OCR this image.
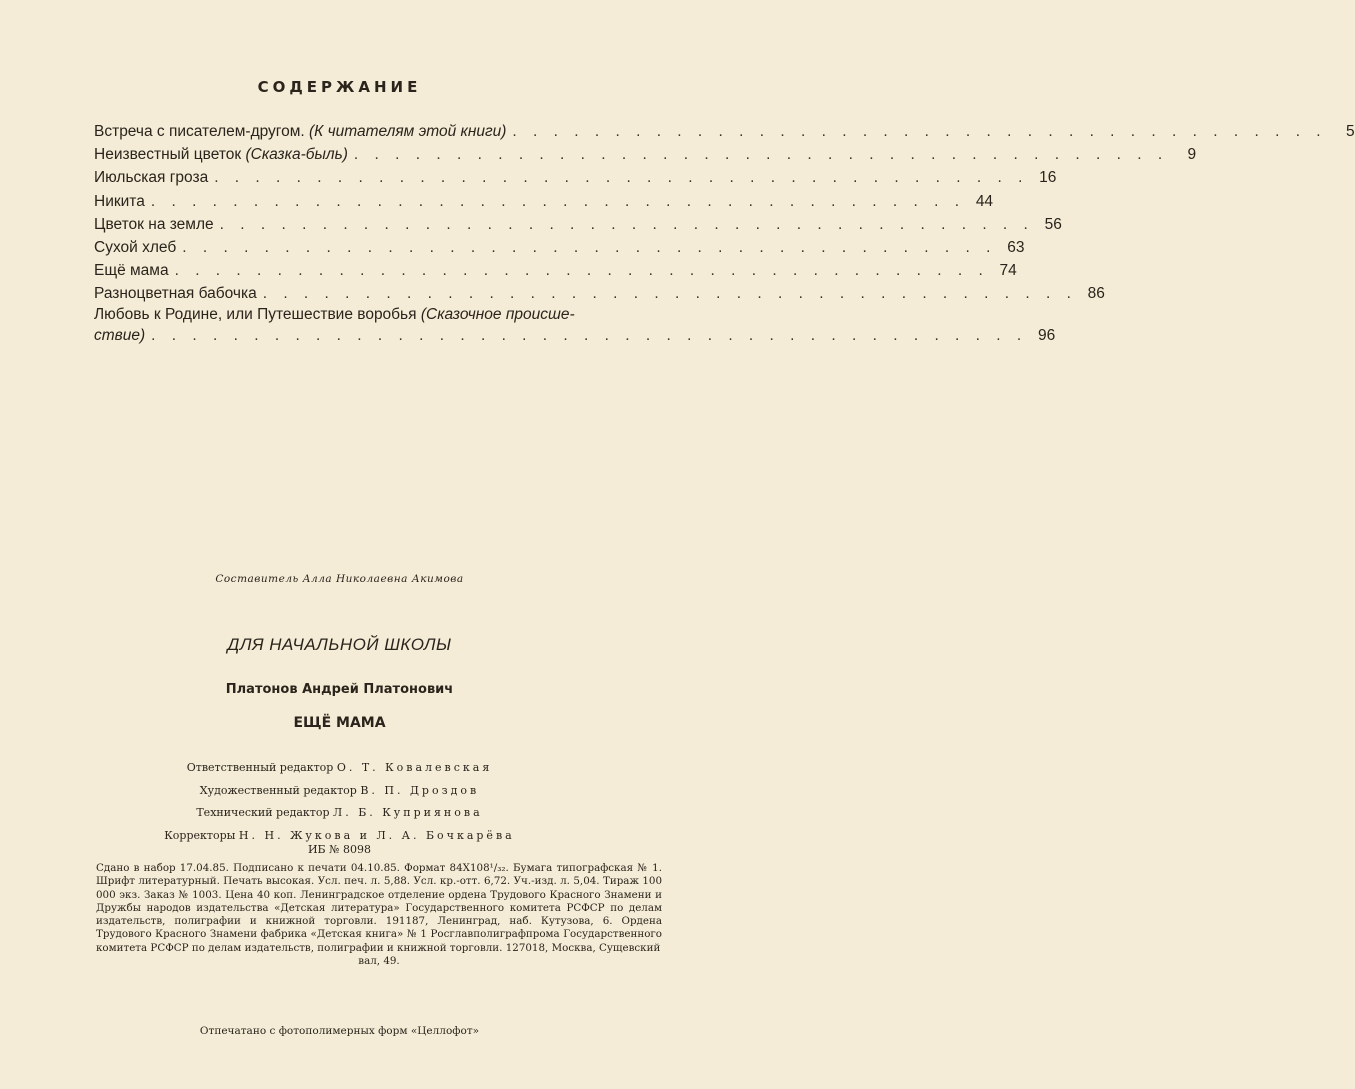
СОДЕРЖАНИЕ
Встреча с писателем-другом.
(К читателям этой книги) . . . . . . . . . . . . . . . . . . . . . . . . . . . . . . . . . . . . . . . .	5
Неизвестный цветок
(Сказка-быль) . . . . . . . . . . . . . . . . . . . . . . . . . . . . . . . . . . . . . . . .	9
Июльская гроза . . . . . . . . . . . . . . . . . . . . . . . . . . . . . . . . . . . . . . . . 16
Никита . . . . . . . . . . . . . . . . . . . . . . . . . . . . . . . . . . . . . . . . 44
Цветок на земле . . . . . . . . . . . . . . . . . . . . . . . . . . . . . . . . . . . . . . . . 56
Сухой хлеб . . . . . . . . . . . . . . . . . . . . . . . . . . . . . . . . . . . . . . . . 63
Ещё мама . . . . . . . . . . . . . . . . . . . . . . . . . . . . . . . . . . . . . . . . 74
Разноцветная бабочка . . . . . . . . . . . . . . . . . . . . . . . . . . . . . . . . . . . . . . . . 86
Любовь к Родине, или Путешествие воробья (Сказочное происше-
ствие) . . . . . . . . . . . . . . . . . . . . . . . . . . . . . . . . . . . . . . . . . . . 96
Составитель Алла Николаевна Акимова
ДЛЯ НАЧАЛЬНОЙ ШКОЛЫ
Платонов Андрей Платонович
ЕЩЁ МАМА
Ответственный редактор О. Т. Ковалевская
Художественный редактор В. П. Дроздов
Технический редактор Л. Б. Куприянова
Корректоры Н. Н. Жукова и Л. А. Бочкарёва
ИБ № 8098
Сдано в набор 17.04.85. Подписано к печати 04.10.85. Формат 84X108¹/₃₂. Бумага типографская № 1. Шрифт литературный. Печать высокая. Усл. печ. л. 5,88. Усл. кр.-отт. 6,72. Уч.-изд. л. 5,04. Тираж 100 000 экз. Заказ № 1003. Цена 40 коп. Ленинградское отделение ордена Трудового Красного Знамени и Дружбы народов издательства «Детская литература» Государственного комитета РСФСР по делам издательств, полиграфии и книжной торговли. 191187, Ленинград, наб. Кутузова, 6. Ордена Трудового Красного Знамени фабрика «Детская книга» № 1 Росглавполиграфпрома Государственного комитета РСФСР по делам издательств, полиграфии и книжной торговли. 127018, Москва, Сущевский
вал, 49.
Отпечатано с фотополимерных форм «Целлофот»
